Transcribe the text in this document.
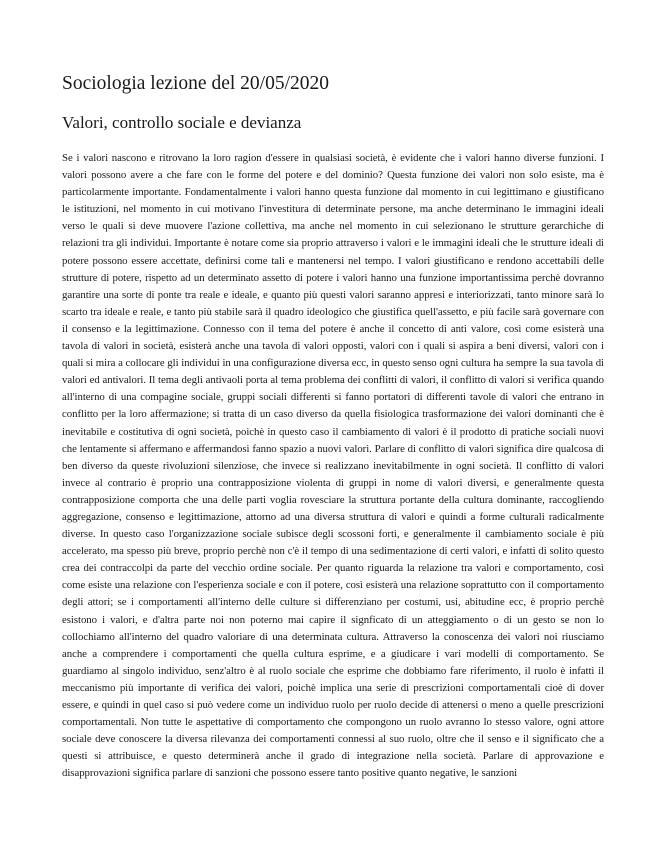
Sociologia lezione del 20/05/2020
Valori, controllo sociale e devianza

Se i valori nascono e ritrovano la loro ragion d'essere in qualsiasi società, è evidente che i valori hanno diverse funzioni. I valori possono avere a che fare con le forme del potere e del dominio? Questa funzione dei valori non solo esiste, ma è particolarmente importante. Fondamentalmente i valori hanno questa funzione dal momento in cui legittimano e giustificano le istituzioni, nel momento in cui motivano l'investitura di determinate persone, ma anche determinano le immagini ideali verso le quali si deve muovere l'azione collettiva, ma anche nel momento in cui selezionano le strutture gerarchiche di relazioni tra gli individui. Importante è notare come sia proprio attraverso i valori e le immagini ideali che le strutture ideali di potere possono essere accettate, definirsi come tali e mantenersi nel tempo. I valori giustificano e rendono accettabili delle strutture di potere, rispetto ad un determinato assetto di potere i valori hanno una funzione importantissima perchè dovranno garantire una sorte di ponte tra reale e ideale, e quanto più questi valori saranno appresi e interiorizzati, tanto minore sarà lo scarto tra ideale e reale, e tanto più stabile sarà il quadro ideologico che giustifica quell'assetto, e più facile sarà governare con il consenso e la legittimazione. Connesso con il tema del potere è anche il concetto di anti valore, così come esisterà una tavola di valori in società, esisterà anche una tavola di valori opposti, valori con i quali si aspira a beni diversi, valori con i quali si mira a collocare gli individui in una configurazione diversa ecc, in questo senso ogni cultura ha sempre la sua tavola di valori ed antivalori. Il tema degli antivaoli porta al tema problema dei conflitti di valori, il conflitto di valori si verifica quando all'interno di una compagine sociale, gruppi sociali differenti si fanno portatori di differenti tavole di valori che entrano in conflitto per la loro affermazione; si tratta di un caso diverso da quella fisiologica trasformazione dei valori dominanti che è inevitabile e costitutiva di ogni società, poichè in questo caso il cambiamento di valori è il prodotto di pratiche sociali nuovi che lentamente si affermano e affermandosi fanno spazio a nuovi valori. Parlare di conflitto di valori significa dire qualcosa di ben diverso da queste rivoluzioni silenziose, che invece si realizzano inevitabilmente in ogni società. Il conflitto di valori invece al contrario è proprio una contrapposizione violenta di gruppi in nome di valori diversi, e generalmente questa contrapposizione comporta che una delle parti voglia rovesciare la struttura portante della cultura dominante, raccogliendo aggregazione, consenso e legittimazione, attorno ad una diversa struttura di valori e quindi a forme culturali radicalmente diverse. In questo caso l'organizzazione sociale subisce degli scossoni forti, e generalmente il cambiamento sociale è più accelerato, ma spesso più breve, proprio perchè non c'è il tempo di una sedimentazione di certi valori, e infatti di solito questo crea dei contraccolpi da parte del vecchio ordine sociale. Per quanto riguarda la relazione tra valori e comportamento, così come esiste una relazione con l'esperienza sociale e con il potere, così esisterà una relazione soprattutto con il comportamento degli attori; se i comportamenti all'interno delle culture si differenziano per costumi, usi, abitudine ecc, è proprio perchè esistono i valori, e d'altra parte noi non poterno mai capire il signficato di un atteggiamento o di un gesto se non lo collochiamo all'interno del quadro valoriare di una determinata cultura. Attraverso la conoscenza dei valori noi riusciamo anche a comprendere i comportamenti che quella cultura esprime, e a giudicare i vari modelli di comportamento. Se guardiamo al singolo individuo, senz'altro è al ruolo sociale che esprime che dobbiamo fare riferimento, il ruolo è infatti il meccanismo più importante di verifica dei valori, poichè implica una serie di prescrizioni comportamentali cioè di dover essere, e quindi in quel caso si può vedere come un individuo ruolo per ruolo decide di attenersi o meno a quelle prescrizioni comportamentali. Non tutte le aspettative di comportamento che compongono un ruolo avranno lo stesso valore, ogni attore sociale deve conoscere la diversa rilevanza dei comportamenti connessi al suo ruolo, oltre che il senso e il significato che a questi si attribuisce, e questo determinerà anche il grado di integrazione nella società. Parlare di approvazione e disapprovazioni significa parlare di sanzioni che possono essere tanto positive quanto negative, le sanzioni
